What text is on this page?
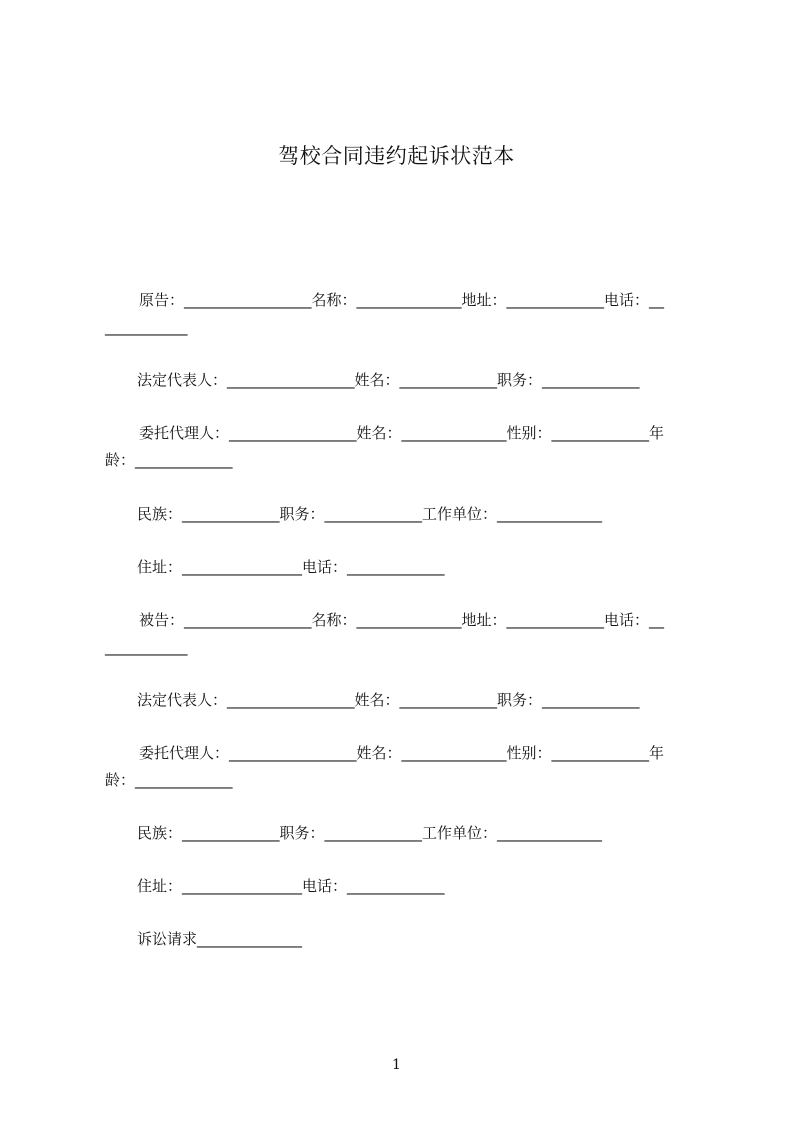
驾校合同违约起诉状范本
原告：_________________名称：______________地址：_____________电话：__
___________
法定代表人：_________________姓名：_____________职务：_____________
委托代理人：_________________姓名：______________性别：_____________年
龄：_____________
民族：_____________职务：_____________工作单位：______________
住址：________________电话：_____________
被告：_________________名称：______________地址：_____________电话：__
___________
法定代表人：_________________姓名：_____________职务：_____________
委托代理人：_________________姓名：______________性别：_____________年
龄：_____________
民族：_____________职务：_____________工作单位：______________
住址：________________电话：_____________
诉讼请求______________
1
